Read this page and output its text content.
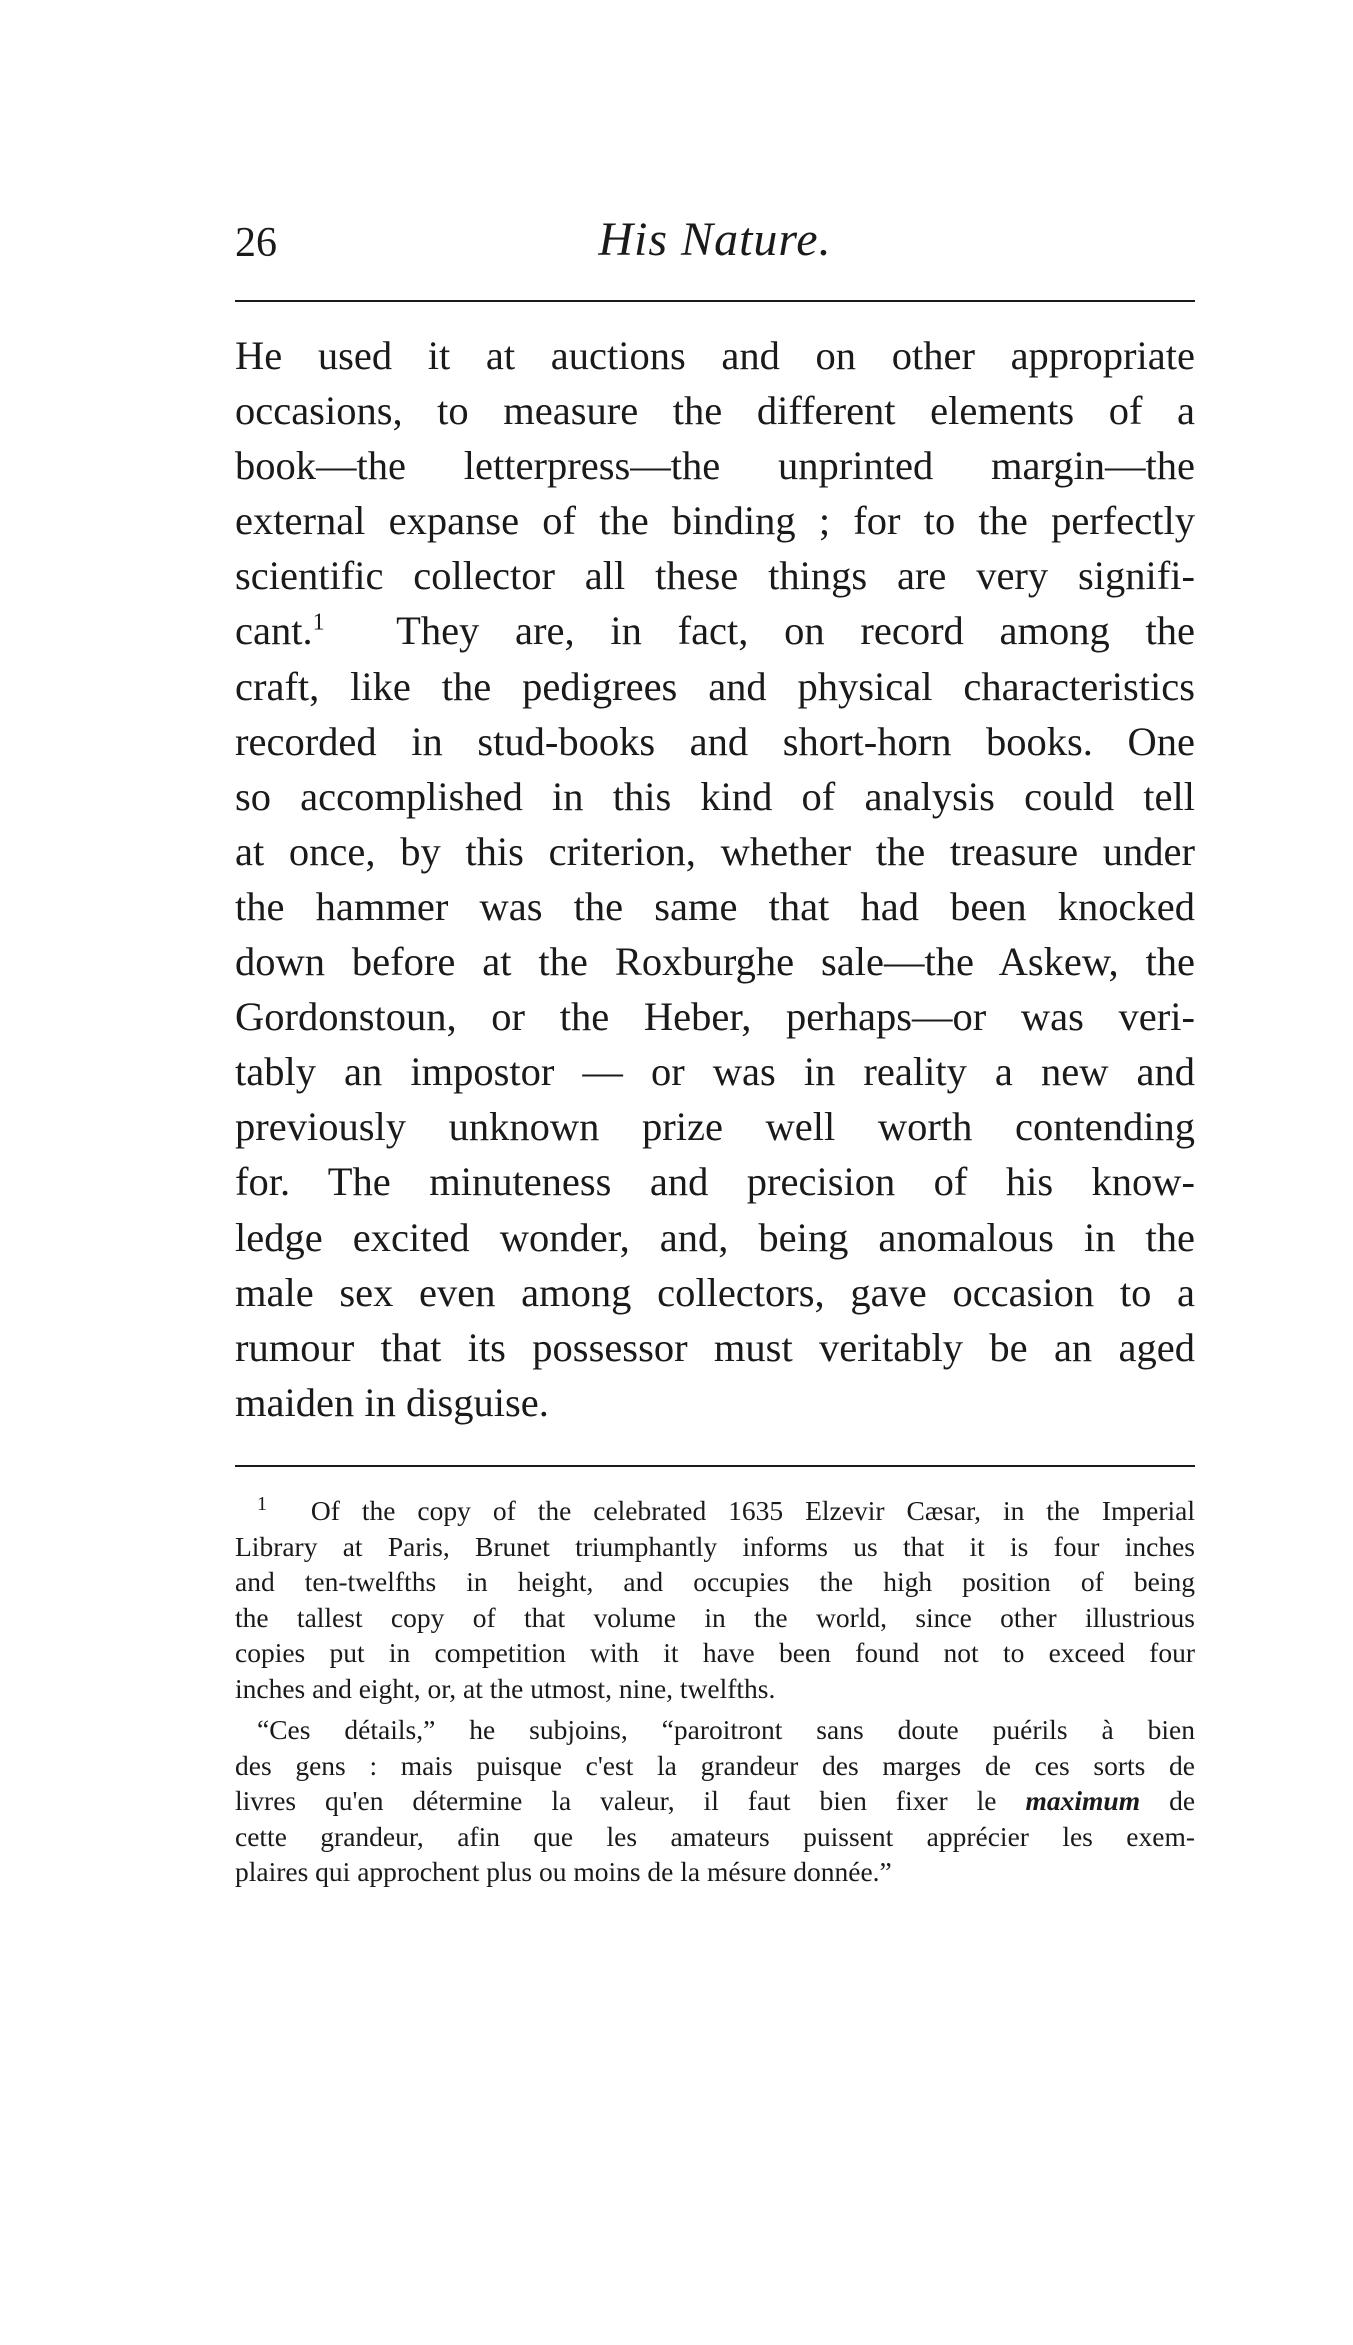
26	His Nature.
He used it at auctions and on other appropriate
occasions, to measure the different elements of a
book—the letterpress—the unprinted margin—the
external expanse of the binding ; for to the perfectly
scientific collector all these things are very signifi-
cant.$^1$ They are, in fact, on record among the
craft, like the pedigrees and physical characteristics
recorded in stud-books and short-horn books. One
so accomplished in this kind of analysis could tell
at once, by this criterion, whether the treasure under
the hammer was the same that had been knocked
down before at the Roxburghe sale—the Askew, the
Gordonstoun, or the Heber, perhaps—or was veri-
tably an impostor — or was in reality a new and
previously unknown prize well worth contending
for. The minuteness and precision of his know-
ledge excited wonder, and, being anomalous in the
male sex even among collectors, gave occasion to a
rumour that its possessor must veritably be an aged
maiden in disguise.
$^1$ Of the copy of the celebrated 1635 Elzevir Cæsar, in the Imperial
Library at Paris, Brunet triumphantly informs us that it is four inches
and ten-twelfths in height, and occupies the high position of being
the tallest copy of that volume in the world, since other illustrious
copies put in competition with it have been found not to exceed four
inches and eight, or, at the utmost, nine, twelfths.
“Ces détails,” he subjoins, “paroitront sans doute puérils à bien
des gens : mais puisque c'est la grandeur des marges de ces sorts de
livres qu'en détermine la valeur, il faut bien fixer le maximum de
cette grandeur, afin que les amateurs puissent apprécier les exem-
plaires qui approchent plus ou moins de la mésure donnée.”
